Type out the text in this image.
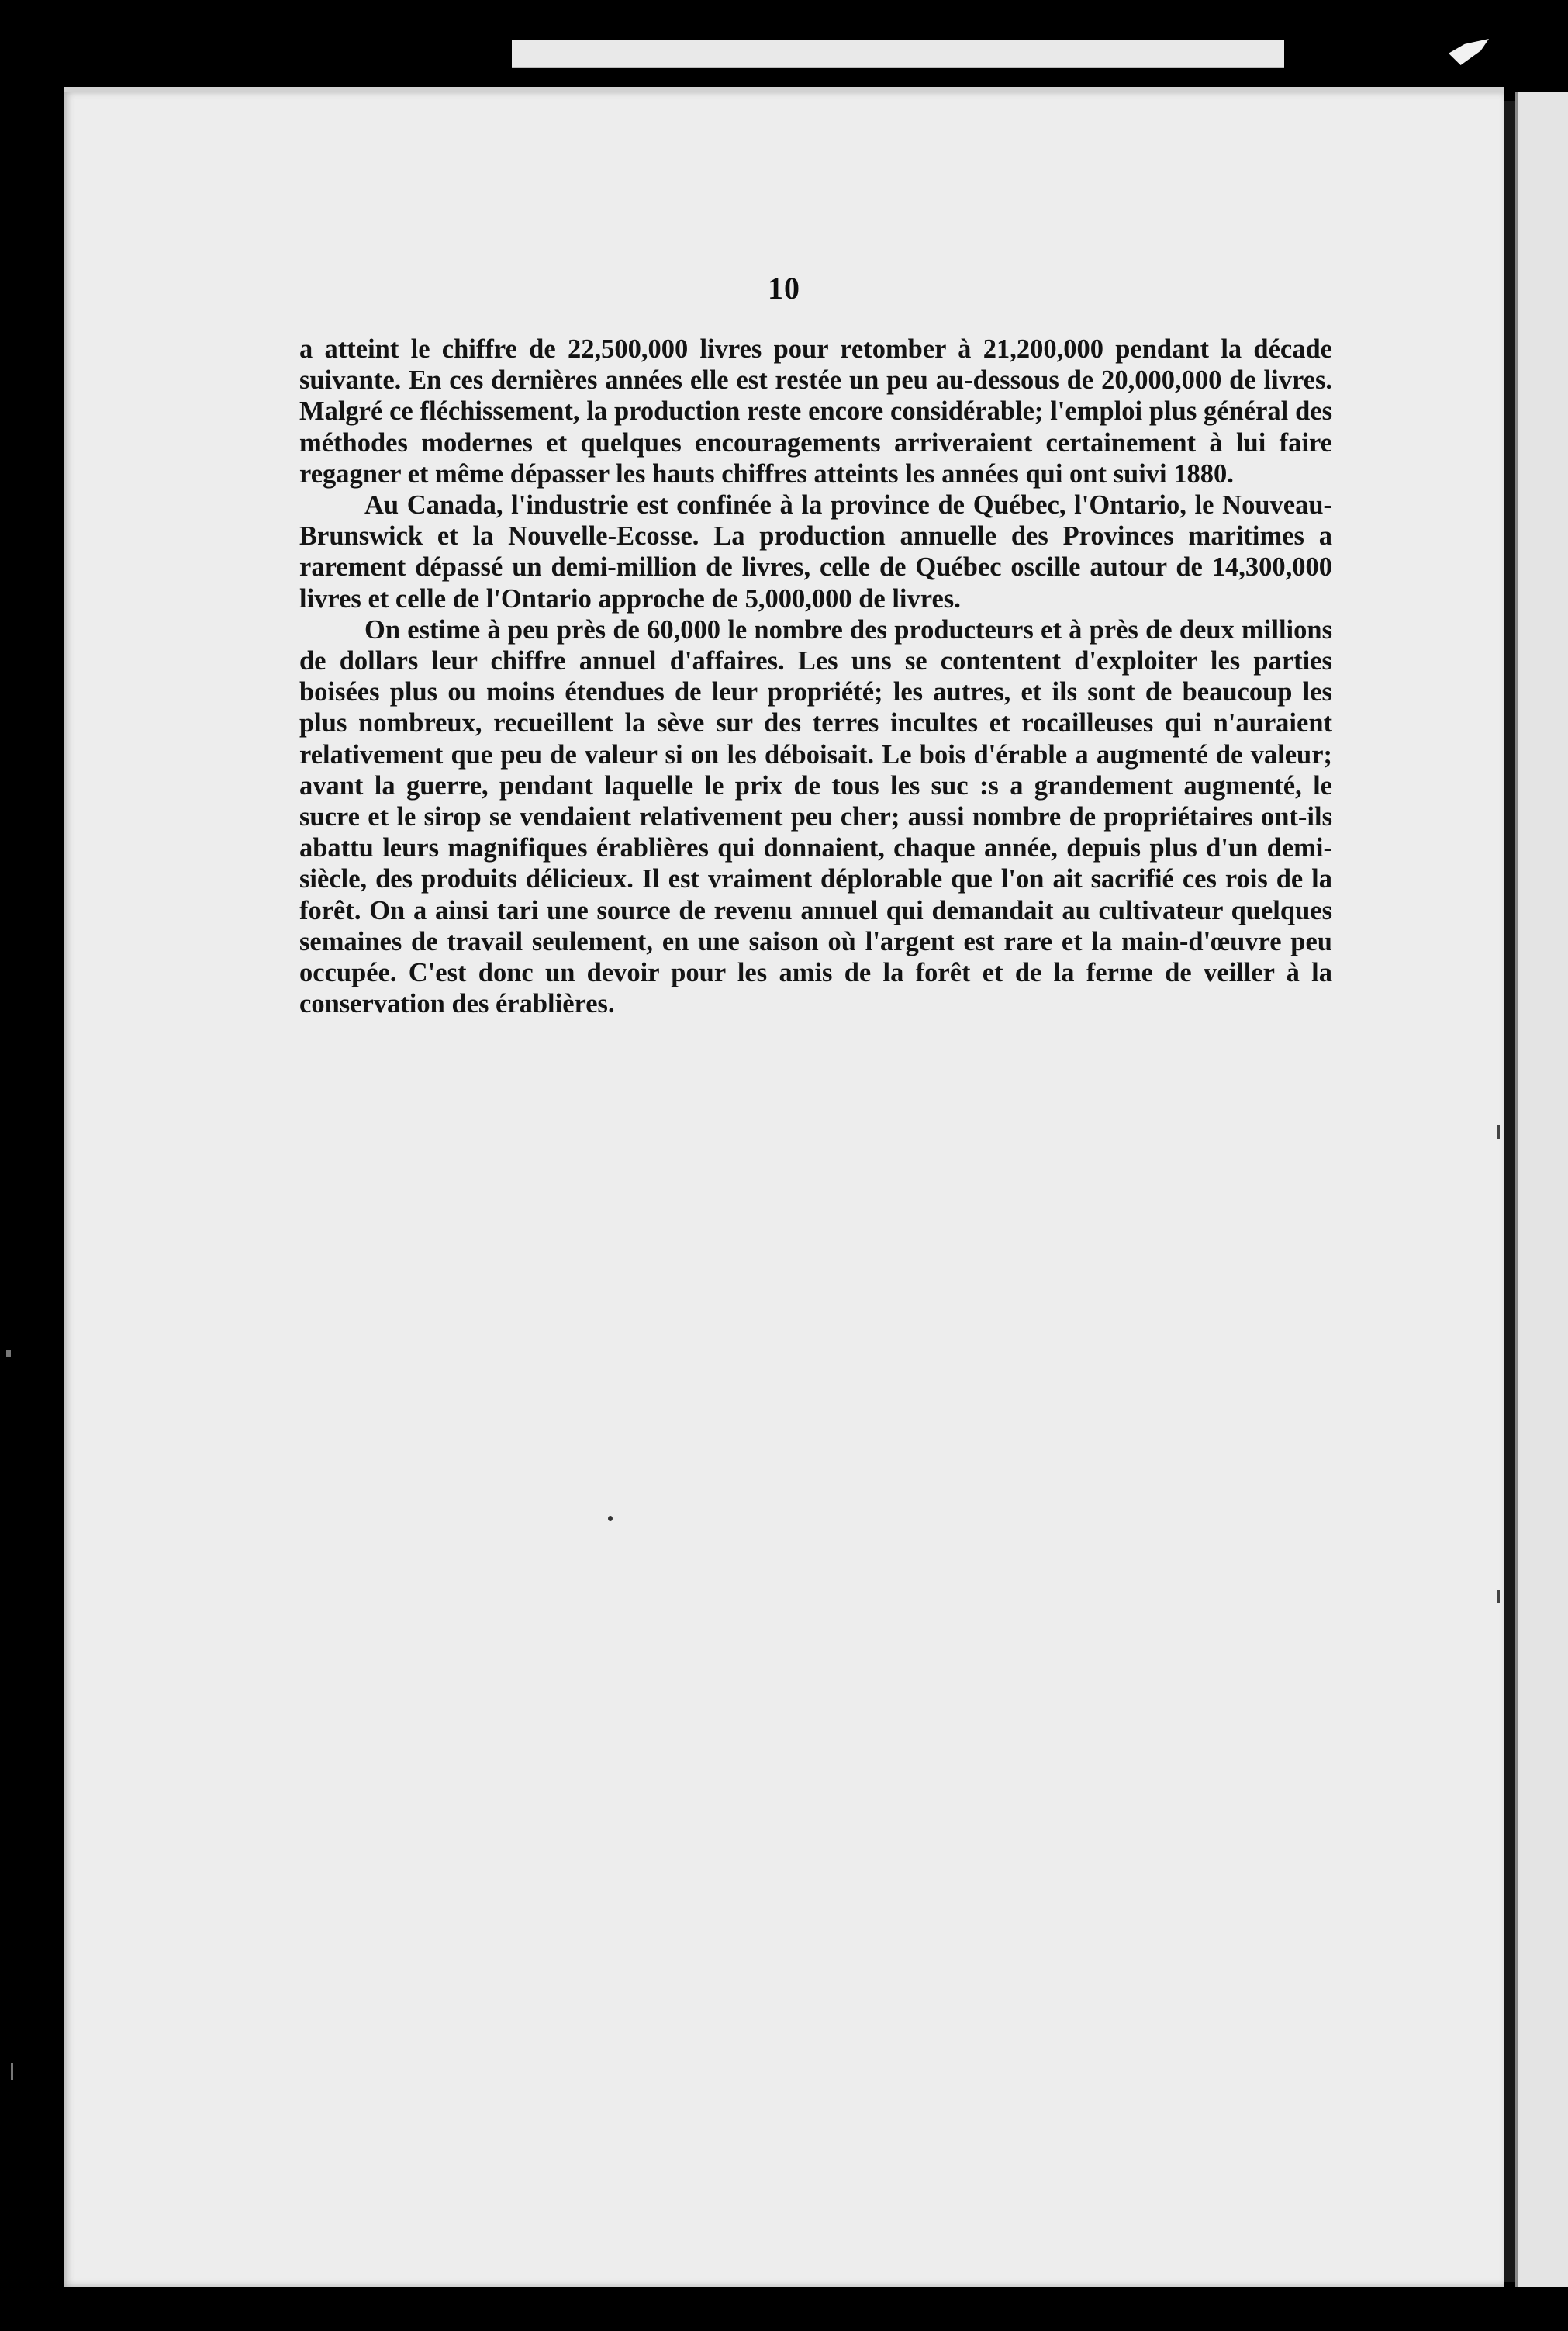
10

a atteint le chiffre de 22,500,000 livres pour retomber à 21,200,000 pendant la décade suivante. En ces dernières années elle est restée un peu au-dessous de 20,000,000 de livres. Malgré ce fléchissement, la production reste encore considérable; l'emploi plus général des méthodes modernes et quelques encouragements arriveraient certainement à lui faire regagner et même dépasser les hauts chiffres atteints les années qui ont suivi 1880.

Au Canada, l'industrie est confinée à la province de Québec, l'Ontario, le Nouveau-Brunswick et la Nouvelle-Ecosse. La production annuelle des Provinces maritimes a rarement dépassé un demi-million de livres, celle de Québec oscille autour de 14,300,000 livres et celle de l'Ontario approche de 5,000,000 de livres.

On estime à peu près de 60,000 le nombre des producteurs et à près de deux millions de dollars leur chiffre annuel d'affaires. Les uns se contentent d'exploiter les parties boisées plus ou moins étendues de leur propriété; les autres, et ils sont de beaucoup les plus nombreux, recueillent la sève sur des terres incultes et rocailleuses qui n'auraient relativement que peu de valeur si on les déboisait. Le bois d'érable a augmenté de valeur; avant la guerre, pendant laquelle le prix de tous les suc :s a grandement augmenté, le sucre et le sirop se vendaient relativement peu cher; aussi nombre de propriétaires ont-ils abattu leurs magnifiques érablières qui donnaient, chaque année, depuis plus d'un demi-siècle, des produits délicieux. Il est vraiment déplorable que l'on ait sacrifié ces rois de la forêt. On a ainsi tari une source de revenu annuel qui demandait au cultivateur quelques semaines de travail seulement, en une saison où l'argent est rare et la main-d'œuvre peu occupée. C'est donc un devoir pour les amis de la forêt et de la ferme de veiller à la conservation des érablières.
